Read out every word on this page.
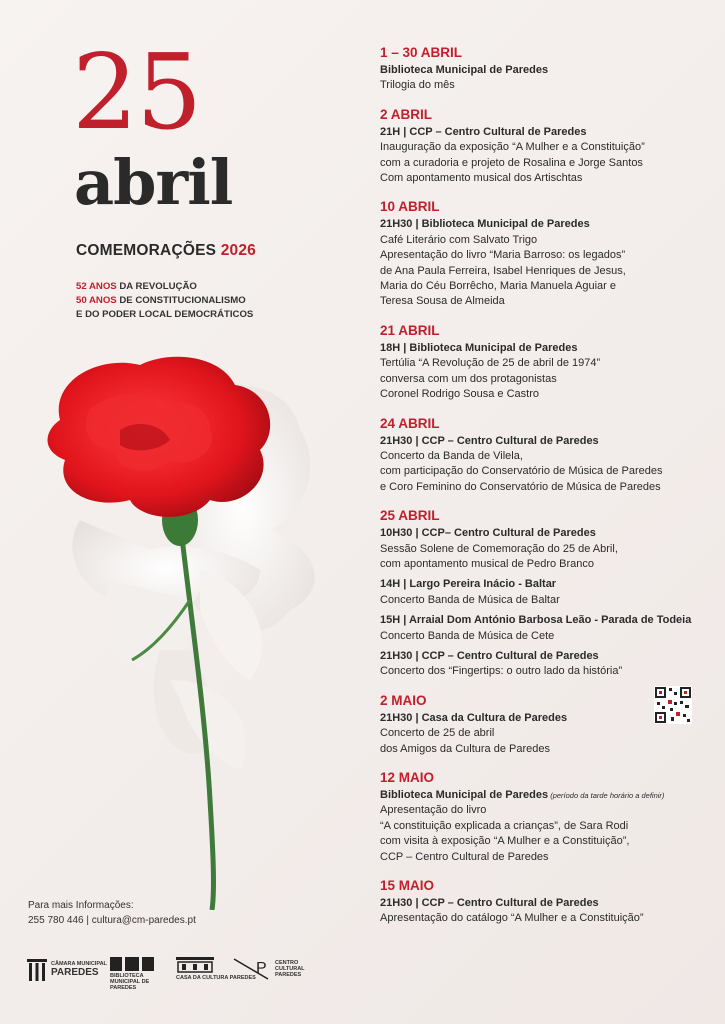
25
abril
COMEMORAÇÕES 2026
52 ANOS DA REVOLUÇÃO
50 ANOS DE CONSTITUCIONALISMO
E DO PODER LOCAL DEMOCRÁTICOS
Para mais Informações:
255 780 446 | cultura@cm-paredes.pt
CÂMARA MUNICIPAL
PAREDES	BIBLIOTECA MUNICIPAL DE PAREDES
CASA DA CULTURA PAREDES
P CENTRO CULTURAL PAREDES
1 – 30 ABRIL
Biblioteca Municipal de Paredes
Trilogia do mês
2 ABRIL
21H | CCP – Centro Cultural de Paredes
Inauguração da exposição “A Mulher e a Constituição”
com a curadoria e projeto de Rosalina e Jorge Santos
Com apontamento musical dos Artischtas
10 ABRIL
21H30 | Biblioteca Municipal de Paredes
Café Literário com Salvato Trigo
Apresentação do livro “Maria Barroso: os legados”
de Ana Paula Ferreira, Isabel Henriques de Jesus,
Maria do Céu Borrêcho, Maria Manuela Aguiar e
Teresa Sousa de Almeida
21 ABRIL
18H | Biblioteca Municipal de Paredes
Tertúlia “A Revolução de 25 de abril de 1974”
conversa com um dos protagonistas
Coronel Rodrigo Sousa e Castro
24 ABRIL
21H30 | CCP – Centro Cultural de Paredes
Concerto da Banda de Vilela,
com participação do Conservatório de Música de Paredes
e Coro Feminino do Conservatório de Música de Paredes
25 ABRIL
10H30 | CCP– Centro Cultural de Paredes
Sessão Solene de Comemoração do 25 de Abril,
com apontamento musical de Pedro Branco
14H | Largo Pereira Inácio - Baltar
Concerto Banda de Música de Baltar
15H | Arraial Dom António Barbosa Leão - Parada de Todeia
Concerto Banda de Música de Cete
21H30 | CCP – Centro Cultural de Paredes
Concerto dos “Fingertips: o outro lado da história”
2 MAIO
21H30 | Casa da Cultura de Paredes
Concerto de 25 de abril
dos Amigos da Cultura de Paredes
12 MAIO
Biblioteca Municipal de Paredes (período da tarde horário a definir)
Apresentação do livro
“A constituição explicada a crianças”, de Sara Rodi
com visita à exposição “A Mulher e a Constituição”,
CCP – Centro Cultural de Paredes
15 MAIO
21H30 | CCP – Centro Cultural de Paredes
Apresentação do catálogo “A Mulher e a Constituição”
